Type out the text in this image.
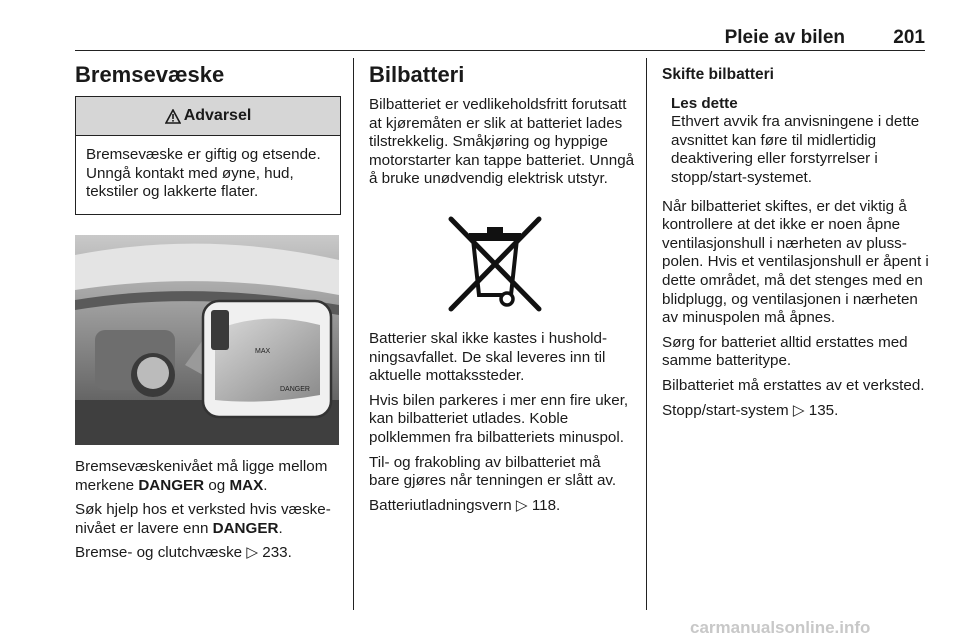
Pleie av bilen	201
Bremsevæske
Advarsel
Bremsevæske er giftig og etsende. Unngå kontakt med øyne, hud, tekstiler og lakkerte flater.
MAX
DANGER

Bremsevæskenivået må ligge mellom merkene DANGER og MAX.

Søk hjelp hos et verksted hvis væskenivået er lavere enn DANGER.

Bremse- og clutchvæske ▷ 233.

Bilbatteri

Bilbatteriet er vedlikeholdsfritt forutsatt at kjøremåten er slik at batteriet lades tilstrekkelig. Småkjøring og hyppige motorstarter kan tappe batteriet. Unngå å bruke unødvendig elektrisk utstyr.

Batterier skal ikke kastes i husholdningsavfallet. De skal leveres inn til aktuelle mottakssteder.

Hvis bilen parkeres i mer enn fire uker, kan bilbatteriet utlades. Koble polklemmen fra bilbatteriets minuspol.

Til- og frakobling av bilbatteriet må bare gjøres når tenningen er slått av.

Batteriutladningsvern ▷ 118.

Skifte bilbatteri
Les dette
Ethvert avvik fra anvisningene i dette avsnittet kan føre til midlertidig deaktivering eller forstyrrelser i stopp/start-systemet.

Når bilbatteriet skiftes, er det viktig å kontrollere at det ikke er noen åpne ventilasjonshull i nærheten av plusspolen. Hvis et ventilasjonshull er åpent i dette området, må det stenges med en blidplugg, og ventilasjonen i nærheten av minuspolen må åpnes.

Sørg for batteriet alltid erstattes med samme batteritype.

Bilbatteriet må erstattes av et verksted.

Stopp/start-system ▷ 135.

carmanualsonline.info
